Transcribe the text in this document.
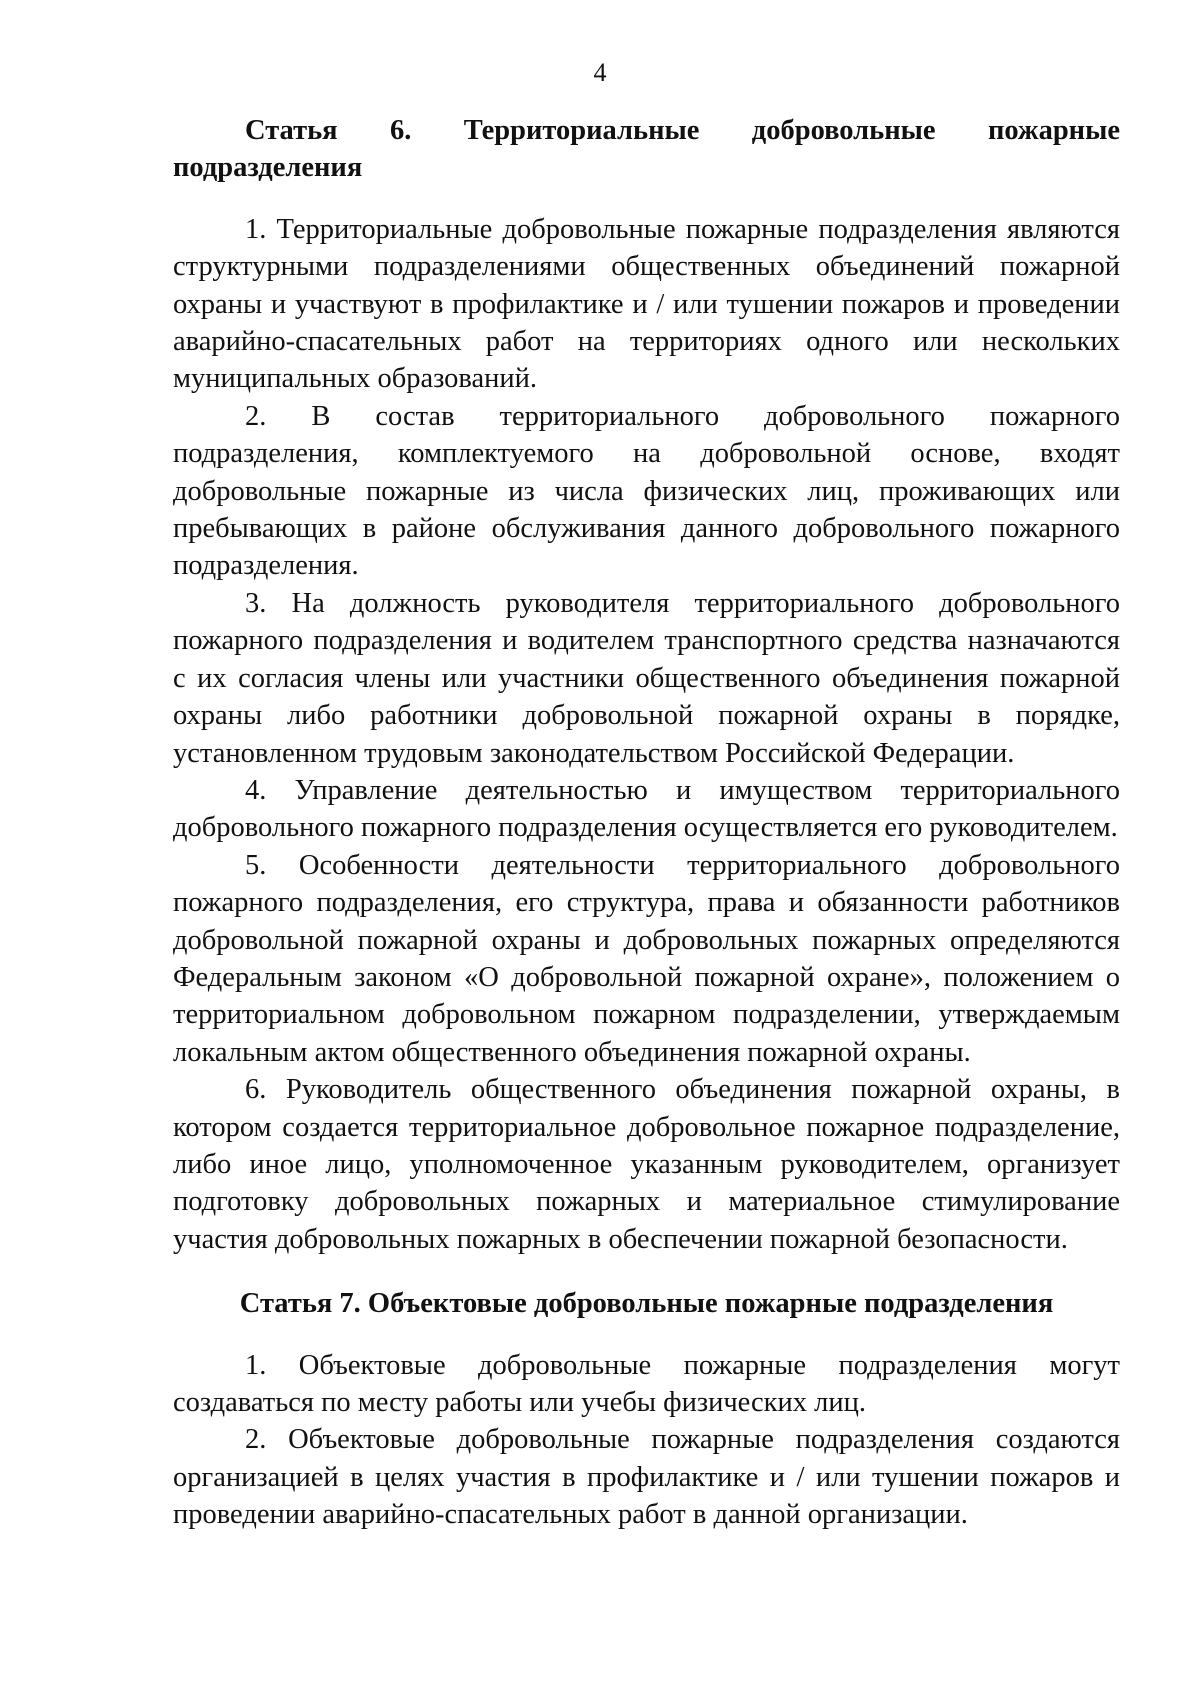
4

Статья 6. Территориальные добровольные пожарные подразделения

1. Территориальные добровольные пожарные подразделения являются структурными подразделениями общественных объединений пожарной охраны и участвуют в профилактике и / или тушении пожаров и проведении аварийно-спасательных работ на территориях одного или нескольких муниципальных образований.

2. В состав территориального добровольного пожарного подразделения, комплектуемого на добровольной основе, входят добровольные пожарные из числа физических лиц, проживающих или пребывающих в районе обслуживания данного добровольного пожарного подразделения.

3. На должность руководителя территориального добровольного пожарного подразделения и водителем транспортного средства назначаются с их согласия члены или участники общественного объединения пожарной охраны либо работники добровольной пожарной охраны в порядке, установленном трудовым законодательством Российской Федерации.

4. Управление деятельностью и имуществом территориального добровольного пожарного подразделения осуществляется его руководителем.

5. Особенности деятельности территориального добровольного пожарного подразделения, его структура, права и обязанности работников добровольной пожарной охраны и добровольных пожарных определяются Федеральным законом «О добровольной пожарной охране», положением о территориальном добровольном пожарном подразделении, утверждаемым локальным актом общественного объединения пожарной охраны.

6. Руководитель общественного объединения пожарной охраны, в котором создается территориальное добровольное пожарное подразделение, либо иное лицо, уполномоченное указанным руководителем, организует подготовку добровольных пожарных и материальное стимулирование участия добровольных пожарных в обеспечении пожарной безопасности.

Статья 7. Объектовые добровольные пожарные подразделения

1. Объектовые добровольные пожарные подразделения могут создаваться по месту работы или учебы физических лиц.

2. Объектовые добровольные пожарные подразделения создаются организацией в целях участия в профилактике и / или тушении пожаров и проведении аварийно-спасательных работ в данной организации.
